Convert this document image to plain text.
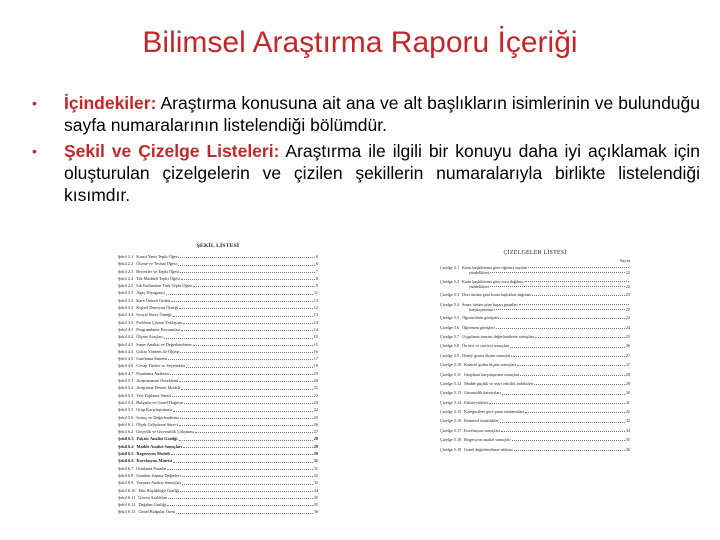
Bilimsel Araştırma Raporu İçeriği
• İçindekiler: Araştırma konusuna ait ana ve alt başlıkların isimlerinin ve bulunduğu sayfa numaralarının listelendiği bölümdür.
• Şekil ve Çizelge Listeleri: Araştırma ile ilgili bir konuyu daha iyi açıklamak için oluşturulan çizelgelerin ve çizilen şekillerin numaralarıyla birlikte listelendiği kısımdır.
ŞEKİL LİSTESİ
Şekil 2.1 Kısmi Yanıt Tepki Öğesi	6
Şekil 2.2 Ölçme ve Tesisat Öğesi	6
Şekil 2.3 Beceriler ve Tepki Öğesi	7
Şekil 2.4 Tek Maddeli Tepki Öğesi	8
Şekil 2.5 Sık Kullanılan Türk Tepki Öğesi	9
Şekil 3.1 Ağaç Diyagramı	11
Şekil 3.2 Kare Örüntü Grubu	12
Şekil 3.3 Kişisel Deneyim Örneği	12
Şekil 3.4 Sosyal Süreç Örneği	13
Şekil 3.5 Problem Çözme Yaklaşımı	13
Şekil 4.1 Programlama Kavramları	14
Şekil 4.2 Ölçme Araçları	15
Şekil 4.3 Sınav Analizi ve Değerlendirme	15
Şekil 4.4 Çoklu Yöntem ile Ölçme	16
Şekil 4.5 Sınıflama Sistemi	17
Şekil 4.6 Cevap Türleri ve Seçenekler	18
Şekil 4.7 Puanlama Anahtarı	19
Şekil 5.1 Araştırmanın Örneklemi	20
Şekil 5.2 Araştırma Deseni Modeli	21
Şekil 5.3 Veri Toplama Süreci	22
Şekil 5.4 Bulgular ve Genel Dağılım	23
Şekil 5.5 Grup Karşılaştırması	24
Şekil 5.6 Sonuç ve Değerlendirme	25
Şekil 6.1 Ölçek Geliştirme Süreci	26
Şekil 6.2 Geçerlik ve Güvenirlik Çalışması	27
Şekil 6.3 Faktör Analizi Grafiği	28
Şekil 6.4 Madde Analizi Sonuçları	29
Şekil 6.5 Regresyon Modeli	30
Şekil 6.6 Korelasyon Matrisi	31
Şekil 6.7 Ortalama Puanlar	31
Şekil 6.8 Standart Sapma Değerleri	32
Şekil 6.9 Varyans Analizi Sonuçları	33
Şekil 6.10 Etki Büyüklüğü Grafiği	34
Şekil 6.11 Güven Aralıkları	35
Şekil 6.12 Dağılım Grafiği	35
Şekil 6.13 Genel Bulgular Özeti	36
⟋
ÇİZELGELER LİSTESİ
Sayfa
Çizelge 5.1 Konu başlıklarına göre öğrenci sayıları
yüzdelikleri	22
Çizelge 5.2 Konu başlıklarına göre soru dağılımı
yüzdelikleri	22
Çizelge 5.3 Ders türüne göre konu başlıkları dağılımı	23
Çizelge 5.4 Sınav türüne göre başarı puanları
karşılaştırması	23
Çizelge 5.5 Öğrencilerin görüşleri	24
Çizelge 5.6 Öğretmen görüşleri	24
Çizelge 5.7 Uygulama sonrası değerlendirme sonuçları	25
Çizelge 5.8 Ön test ve son test sonuçları	26
Çizelge 5.9 Deney grubu ölçüm sonuçları	27
Çizelge 5.10 Kontrol grubu ölçüm sonuçları	27
Çizelge 5.11 Grupların karşılaştırma sonuçları	28
Çizelge 5.12 Madde güçlük ve ayırt edicilik indeksleri	29
Çizelge 5.13 Güvenirlik katsayıları	30
Çizelge 5.14 Faktör yükleri	31
Çizelge 5.15 Kategorilere göre puan ortalamaları	32
Çizelge 5.16 Betimsel istatistikler	33
Çizelge 5.17 Korelasyon sonuçları	34
Çizelge 5.18 Regresyon analizi sonuçları	35
Çizelge 5.19 Genel değerlendirme tablosu	36
